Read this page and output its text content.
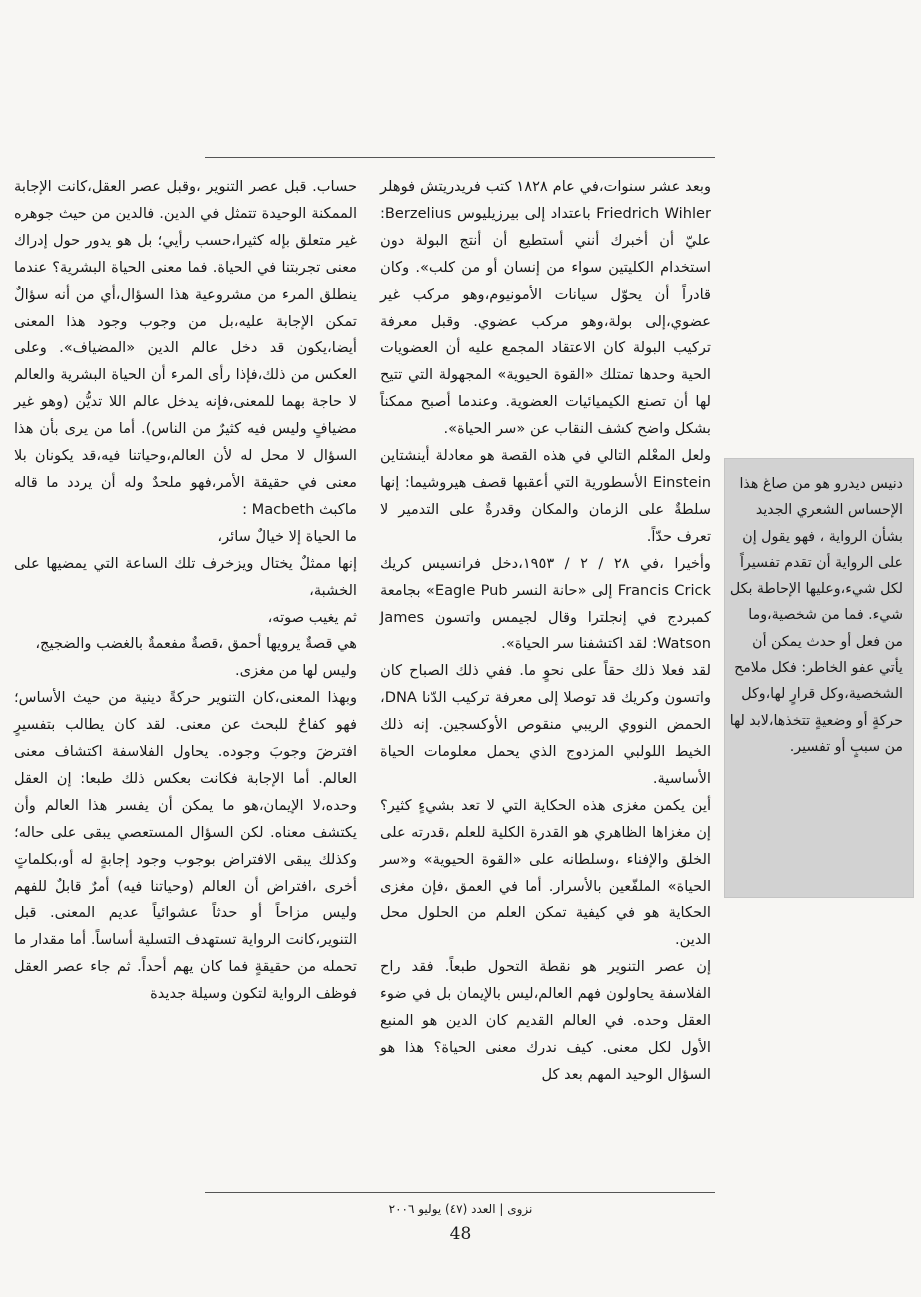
وبعد عشر سنوات،في عام ١٨٢٨ كتب فريدريتش فوهلر Friedrich Wihler باعتداد إلى بيرزيليوس Berzelius: عليّ أن أخبرك أنني أستطيع أن أنتج البولة دون استخدام الكليتين سواء من إنسان أو من كلب». وكان قادراً أن يحوّل سيانات الأمونيوم،وهو مركب غير عضوي،إلى بولة،وهو مركب عضوي. وقبل معرفة تركيب البولة كان الاعتقاد المجمع عليه أن العضويات الحية وحدها تمتلك «القوة الحيوية» المجهولة التي تتيح لها أن تصنع الكيميائيات العضوية. وعندما أصبح ممكناً بشكل واضح كشف النقاب عن «سر الحياة».

ولعل المعْلم التالي في هذه القصة هو معادلة أينشتاين Einstein الأسطورية التي أعقبها قصف هيروشيما: إنها سلطةٌ على الزمان والمكان وقدرةٌ على التدمير لا تعرف حدّاً.

وأخيرا ،في ٢٨ / ٢ / ١٩٥٣،دخل فرانسيس كريك Francis Crick إلى «حانة النسر Eagle Pub» بجامعة كمبردج في إنجلترا وقال لجيمس واتسون James Watson: لقد اكتشفنا سر الحياة».

لقد فعلا ذلك حقاً على نحوٍ ما. ففي ذلك الصباح كان واتسون وكريك قد توصلا إلى معرفة تركيب الدّنا DNA، الحمض النووي الريبي منقوص الأوكسجين. إنه ذلك الخيط اللولبي المزدوج الذي يحمل معلومات الحياة الأساسية.

أين يكمن مغزى هذه الحكاية التي لا تعد بشيءٍ كثير؟ إن مغزاها الظاهري هو القدرة الكلية للعلم ،قدرته على الخلق والإفناء ،وسلطانه على «القوة الحيوية» و«سر الحياة» الملفّعين بالأسرار. أما في العمق ،فإن مغزى الحكاية هو في كيفية تمكن العلم من الحلول محل الدين.

إن عصر التنوير هو نقطة التحول طبعاً. فقد راح الفلاسفة يحاولون فهم العالم،ليس بالإيمان بل في ضوء العقل وحده. في العالم القديم كان الدين هو المنبع الأول لكل معنى. كيف ندرك معنى الحياة؟ هذا هو السؤال الوحيد المهم بعد كل

حساب. قبل عصر التنوير ،وقبل عصر العقل،كانت الإجابة الممكنة الوحيدة تتمثل في الدين. فالدين من حيث جوهره غير متعلق بإله كثيرا،حسب رأيي؛ بل هو يدور حول إدراك معنى تجربتنا في الحياة. فما معنى الحياة البشرية؟ عندما ينطلق المرء من مشروعية هذا السؤال،أي من أنه سؤالٌ تمكن الإجابة عليه،بل من وجوب وجود هذا المعنى أيضا،يكون قد دخل عالم الدين «المضياف». وعلى العكس من ذلك،فإذا رأى المرء أن الحياة البشرية والعالم لا حاجة بهما للمعنى،فإنه يدخل عالم اللا تديُّن (وهو غير مضيافٍ وليس فيه كثيرٌ من الناس). أما من يرى بأن هذا السؤال لا محل له لأن العالم،وحياتنا فيه،قد يكونان بلا معنى في حقيقة الأمر،فهو ملحدٌ وله أن يردد ما قاله ماكبث Macbeth :

ما الحياة إلا خيالٌ سائر،

إنها ممثلٌ يختال ويزخرف تلك الساعة التي يمضيها على الخشبة،

ثم يغيب صوته،

هي قصةٌ يرويها أحمق ،قصةٌ مفعمةٌ بالغضب والضجيج،

وليس لها من مغزى.

وبهذا المعنى،كان التنوير حركةً دينية من حيث الأساس؛ فهو كفاحٌ للبحث عن معنى. لقد كان يطالب بتفسيرٍ افترضَ وجوبَ وجوده. يحاول الفلاسفة اكتشاف معنى العالم. أما الإجابة فكانت بعكس ذلك طبعا: إن العقل وحده،لا الإيمان،هو ما يمكن أن يفسر هذا العالم وأن يكتشف معناه. لكن السؤال المستعصي يبقى على حاله؛ وكذلك يبقى الافتراض بوجوب وجود إجابةٍ له أو،بكلماتٍ أخرى ،افتراض أن العالم (وحياتنا فيه) أمرٌ قابلٌ للفهم وليس مزاحاً أو حدثاً عشوائياً عديم المعنى. قبل التنوير،كانت الرواية تستهدف التسلية أساساً. أما مقدار ما تحمله من حقيقةٍ فما كان يهم أحداً. ثم جاء عصر العقل فوظف الرواية لتكون وسيلة جديدة

دنيس ديدرو هو من صاغ هذا الإحساس الشعري الجديد بشأن الرواية ، فهو يقول إن على الرواية أن تقدم تفسيراً لكل شيء،وعليها الإحاطة بكل شيء. فما من شخصية،وما من فعل أو حدث يمكن أن يأتي عفو الخاطر: فكل ملامح الشخصية،وكل قرارٍ لها،وكل حركةٍ أو وضعيةٍ تتخذها،لابد لها من سببٍ أو تفسير.

نزوى | العدد (٤٧) يوليو ٢٠٠٦
48
